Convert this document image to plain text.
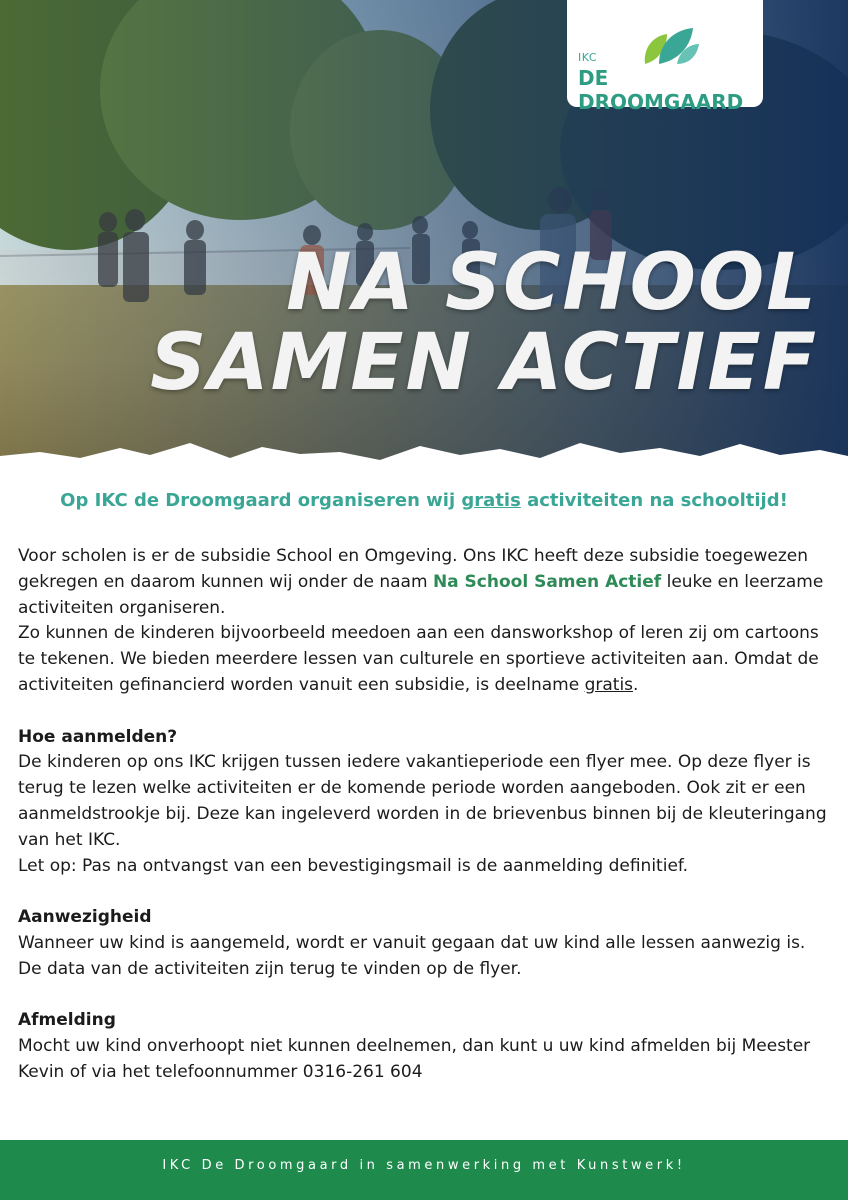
IKC
DE DROOMGAARD
NA SCHOOL
SAMEN ACTIEF
Op IKC de Droomgaard organiseren wij gratis activiteiten na schooltijd!

Voor scholen is er de subsidie School en Omgeving. Ons IKC heeft deze subsidie toegewezen gekregen en daarom kunnen wij onder de naam Na School Samen Actief leuke en leerzame activiteiten organiseren.

Zo kunnen de kinderen bijvoorbeeld meedoen aan een dansworkshop of leren zij om cartoons te tekenen. We bieden meerdere lessen van culturele en sportieve activiteiten aan. Omdat de activiteiten gefinancierd worden vanuit een subsidie, is deelname gratis.

Hoe aanmelden?

De kinderen op ons IKC krijgen tussen iedere vakantieperiode een flyer mee. Op deze flyer is terug te lezen welke activiteiten er de komende periode worden aangeboden. Ook zit er een aanmeldstrookje bij. Deze kan ingeleverd worden in de brievenbus binnen bij de kleuteringang van het IKC.

Let op: Pas na ontvangst van een bevestigingsmail is de aanmelding definitief.

Aanwezigheid

Wanneer uw kind is aangemeld, wordt er vanuit gegaan dat uw kind alle lessen aanwezig is. De data van de activiteiten zijn terug te vinden op de flyer.

Afmelding

Mocht uw kind onverhoopt niet kunnen deelnemen, dan kunt u uw kind afmelden bij Meester Kevin of via het telefoonnummer 0316-261 604

IKC De Droomgaard in samenwerking met Kunstwerk!
